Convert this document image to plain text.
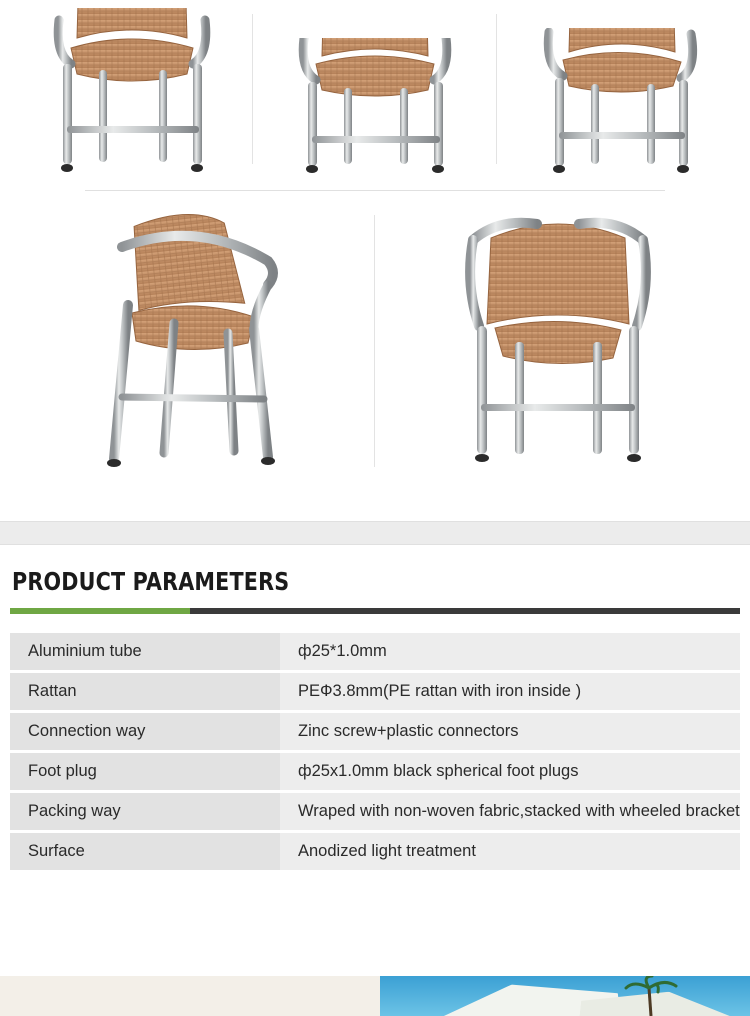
PRODUCT PARAMETERS
Aluminium tube	ф25*1.0mm
Rattan	PEФ3.8mm(PE rattan with iron inside )
Connection way	Zinc screw+plastic connectors
Foot plug	ф25x1.0mm black spherical foot plugs
Packing way	Wraped with non-woven fabric,stacked with wheeled bracket
Surface	Anodized light treatment
